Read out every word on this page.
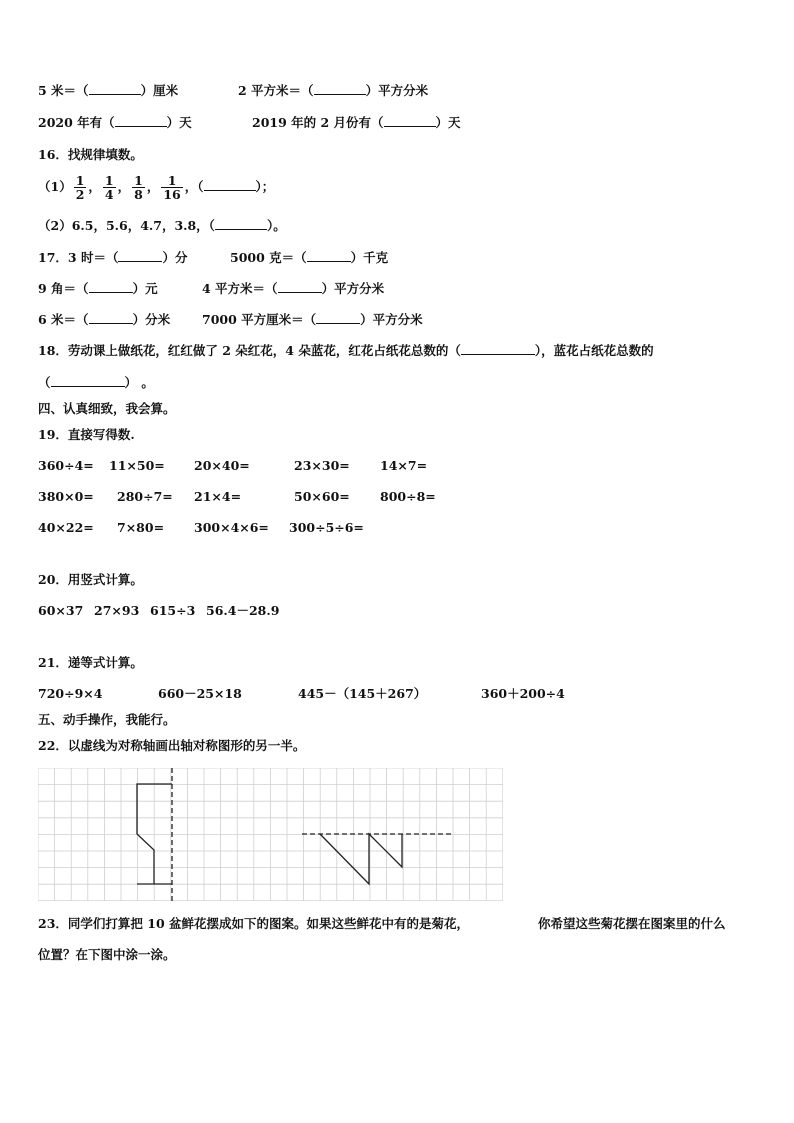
5 米＝（	）厘米	2 平方米＝（	）平方分米
2020 年有（	）天	2019 年的 2 月份有（	）天
16．找规律填数。
$(1) \frac{1}{2}$ ， $\frac{1}{4}$ ， $\frac{1}{8}$ ， $\frac{1}{16}$ ，（	）；
（2）6.5，5.6，4.7，3.8，（	）。
17．3 时＝（	）分	5000 克＝（	）千克
9 角＝（	）元	4 平方米＝（	）平方分米
6 米＝（	）分米	7000 平方厘米＝（	）平方分米
18．劳动课上做纸花，红红做了 2 朵红花，4 朵蓝花，红花占纸花总数的（	），蓝花占纸花总数的
（	） 。
四、认真细致，我会算。
19．直接写得数.
360÷4= 11×50= 20×40=	23×30= 14×7=
380×0= 280÷7= 21×4=	50×60= 800÷8=
40×22= 7×80= 300×4×6= 300÷5÷6=
20．用竖式计算。
60×37 27×93 615÷3 56.4－28.9
21．递等式计算。
720÷9×4	660－25×18	445－（145＋267）	360＋200÷4
五、动手操作，我能行。
22．以虚线为对称轴画出轴对称图形的另一半。
23．同学们打算把 10 盆鲜花摆成如下的图案。如果这些鲜花中有的是菊花，	你希望这些菊花摆在图案里的什么
位置？在下图中涂一涂。
